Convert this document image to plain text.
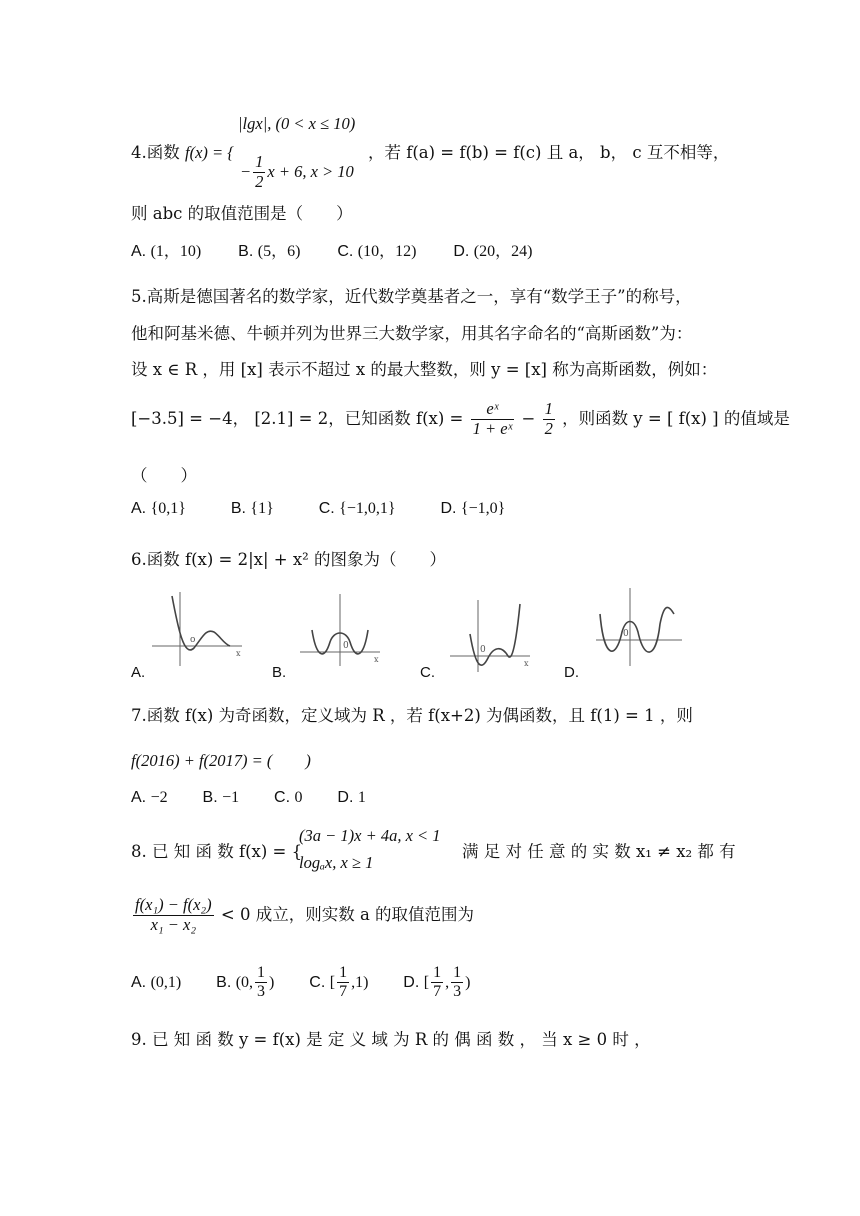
|lgx|, (0 < x ≤ 10)
4.函数 f(x) = {
− $\frac{1}{2}$ x + 6, x > 10
，若 f(a) = f(b) = f(c) 且 a， b， c 互不相等，
则 abc 的取值范围是（　　）
A. (1，10) B. (5，6) C. (10，12) D. (20，24)
5.高斯是德国著名的数学家，近代数学奠基者之一，享有“数学王子”的称号，
他和阿基米德、牛顿并列为世界三大数学家，用其名字命名的“高斯函数”为：
设 x ∈ R ，用 [x] 表示不超过 x 的最大整数，则 y = [x] 称为高斯函数，例如：
[−3.5] = −4， [2.1] = 2，已知函数 $f(x) = \frac{\text{eˣ}}{\text{1 + eˣ}} - \frac{1}{2}$ ，则函数 y = [ f(x) ] 的值域是
（　　）
A. {0,1}	B. {1}	C. {−1,0,1}	D. {−1,0}
6.函数 f(x) = 2|x| + x² 的图象为（　　）
o
x
0
x
0
x
0
A.	B.	C.	D.
7.函数 f(x) 为奇函数，定义域为 R ，若 f(x+2) 为偶函数，且 f(1) = 1 ，则
f(2016) + f(2017) = (　　)
A. −2 B. −1 C. 0 D. 1
(3a − 1)x + 4a, x < 1
8. 已 知 函 数 f(x) = {
logₐx, x ≥ 1
满 足 对 任 意 的 实 数 x₁ ≠ x₂ 都 有
$\frac{\text{f(x₁) − f(x₂)}}{\text{x₁ − x₂}} < 0$ 成立，则实数 a 的取值范围为
A. (0,1) B. (0, $\frac{1}{3}$ ) C. [ $\frac{1}{7} ,1$) D. [ $\frac{1}{7}$ , $\frac{1}{3}$ )
9. 已 知 函 数 y = f(x) 是 定 义 域 为 R 的 偶 函 数 ， 当 x ≥ 0 时 ，
